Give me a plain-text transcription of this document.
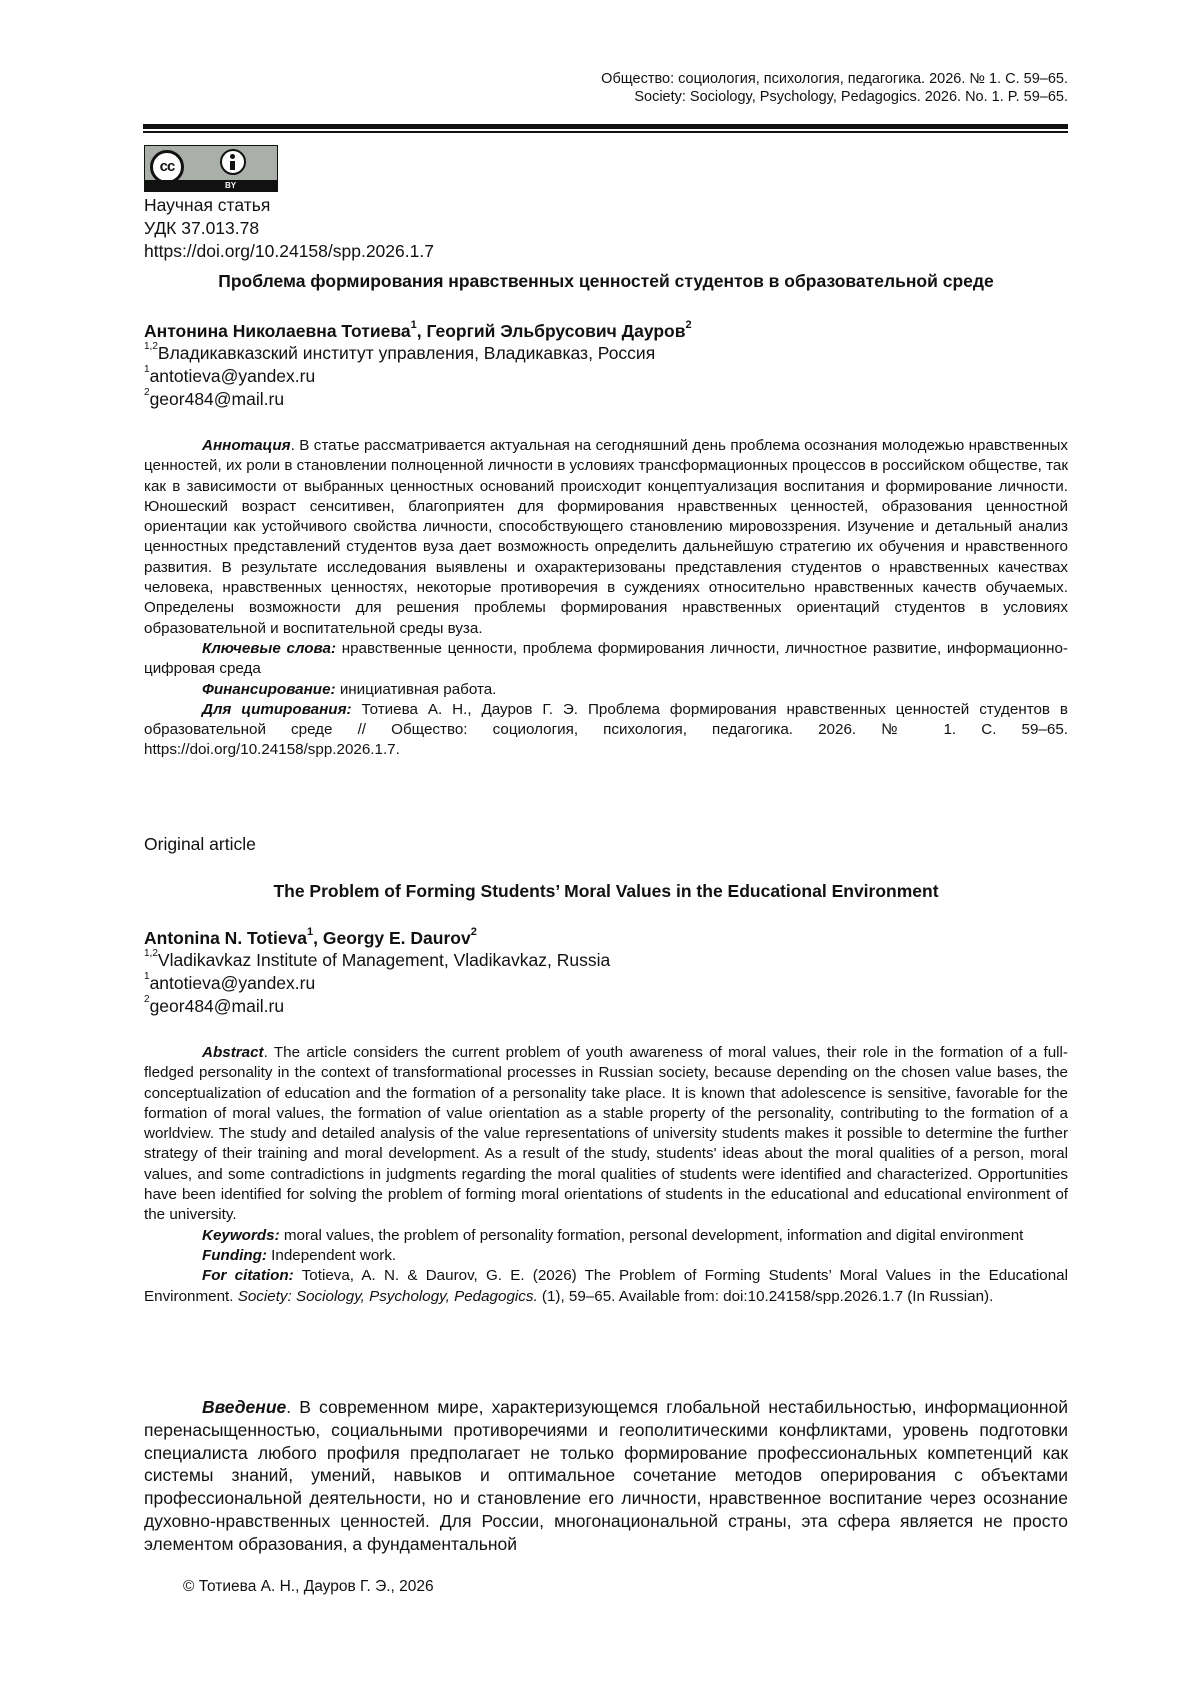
Общество: социология, психология, педагогика. 2026. № 1. С. 59–65.
Society: Sociology, Psychology, Pedagogics. 2026. No. 1. P. 59–65.
cc
BY
Научная статья
УДК 37.013.78
https://doi.org/10.24158/spp.2026.1.7
Проблема формирования нравственных ценностей студентов в образовательной среде
Антонина Николаевна Тотиева$^1$, Георгий Эльбрусович Дауров$^2$
$^{1,2}$Владикавказский институт управления, Владикавказ, Россия
$^1$antotieva@yandex.ru
$^2$geor484@mail.ru

Аннотация. В статье рассматривается актуальная на сегодняшний день проблема осознания молодежью нравственных ценностей, их роли в становлении полноценной личности в условиях трансформационных процессов в российском обществе, так как в зависимости от выбранных ценностных оснований происходит концептуализация воспитания и формирование личности. Юношеский возраст сенситивен, благоприятен для формирования нравственных ценностей, образования ценностной ориентации как устойчивого свойства личности, способствующего становлению мировоззрения. Изучение и детальный анализ ценностных представлений студентов вуза дает возможность определить дальнейшую стратегию их обучения и нравственного развития. В результате исследования выявлены и охарактеризованы представления студентов о нравственных качествах человека, нравственных ценностях, некоторые противоречия в суждениях относительно нравственных качеств обучаемых. Определены возможности для решения проблемы формирования нравственных ориентаций студентов в условиях образовательной и воспитательной среды вуза.

Ключевые слова: нравственные ценности, проблема формирования личности, личностное развитие, информационно-цифровая среда

Финансирование: инициативная работа.

Для цитирования: Тотиева А. Н., Дауров Г. Э. Проблема формирования нравственных ценностей студентов в образовательной среде // Общество: социология, психология, педагогика. 2026. № 1. С. 59–65. https://doi.org/10.24158/spp.2026.1.7.

Original article
The Problem of Forming Students’ Moral Values in the Educational Environment
Antonina N. Totieva$^1$, Georgy E. Daurov$^2$
$^{1,2}$Vladikavkaz Institute of Management, Vladikavkaz, Russia
$^1$antotieva@yandex.ru
$^2$geor484@mail.ru

Abstract. The article considers the current problem of youth awareness of moral values, their role in the formation of a full-fledged personality in the context of transformational processes in Russian society, because depending on the chosen value bases, the conceptualization of education and the formation of a personality take place. It is known that adolescence is sensitive, favorable for the formation of moral values, the formation of value orientation as a stable property of the personality, contributing to the formation of a worldview. The study and detailed analysis of the value representations of university students makes it possible to determine the further strategy of their training and moral development. As a result of the study, students' ideas about the moral qualities of a person, moral values, and some contradictions in judgments regarding the moral qualities of students were identified and characterized. Opportunities have been identified for solving the problem of forming moral orientations of students in the educational and educational environment of the university.

Keywords: moral values, the problem of personality formation, personal development, information and digital environment

Funding: Independent work.

For citation: Totieva, A. N. & Daurov, G. E. (2026) The Problem of Forming Students’ Moral Values in the Educational Environment. Society: Sociology, Psychology, Pedagogics. (1), 59–65. Available from: doi:10.24158/spp.2026.1.7 (In Russian).

Введение. В современном мире, характеризующемся глобальной нестабильностью, информационной перенасыщенностью, социальными противоречиями и геополитическими конфликтами, уровень подготовки специалиста любого профиля предполагает не только формирование профессиональных компетенций как системы знаний, умений, навыков и оптимальное сочетание методов оперирования с объектами профессиональной деятельности, но и становление его личности, нравственное воспитание через осознание духовно-нравственных ценностей. Для России, многонациональной страны, эта сфера является не просто элементом образования, а фундаментальной

© Тотиева А. Н., Дауров Г. Э., 2026
